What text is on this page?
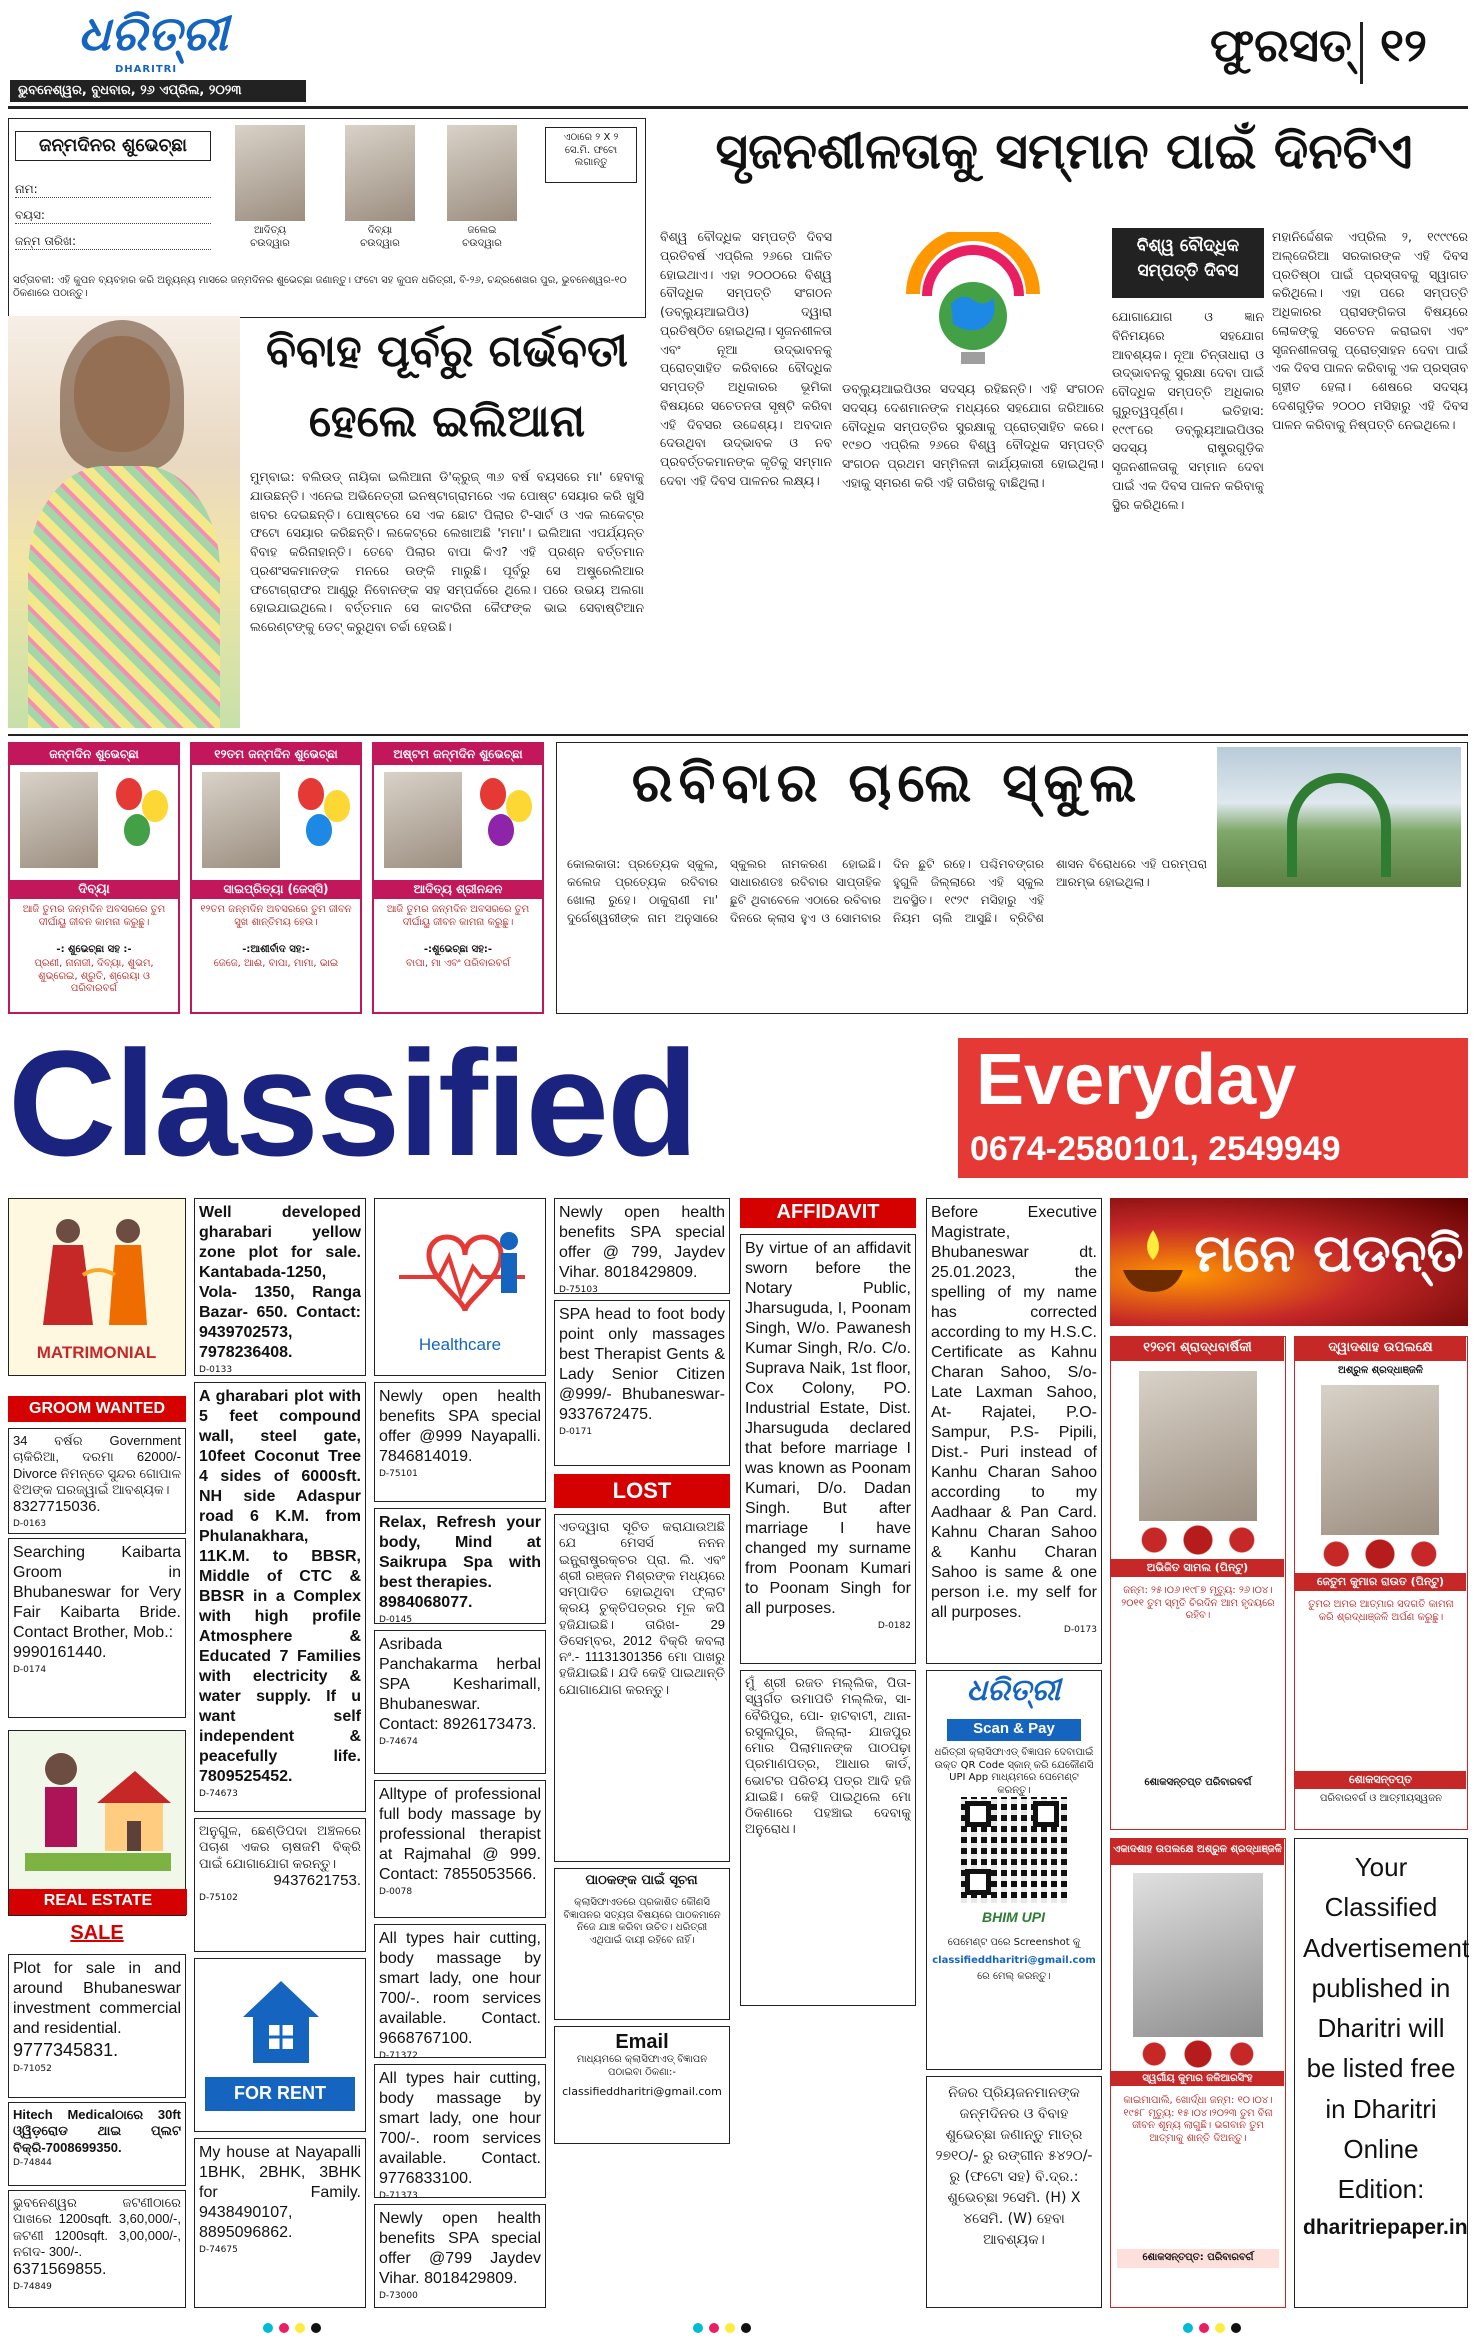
ଧରିତ୍ରୀ
DHARITRI
ଭୁବନେଶ୍ୱର, ବୁଧବାର, ୨୬ ଏପ୍ରିଲ, ୨୦୨୩
ଫୁରସତ୍ ୧୨
ଜନ୍ମଦିନର ଶୁଭେଚ୍ଛା
ନାମ:
ବୟସ:
ଜନ୍ମ ତାରିଖ:
ଆଦିତ୍ୟ
ଚଉଦ୍ୱାର
ଦିବ୍ୟା
ଚଉଦ୍ୱାର
ଜଲେଇ
ଚଉଦ୍ୱାର
ଏଠାରେ ୨ X ୨ ସେ.ମି. ଫଟୋ ଲଗାନ୍ତୁ
ସର୍ତ୍ତାବଳୀ: ଏହି କୁପନ ବ୍ୟବହାର କରି ଅନ୍ୟୁନ୍ୟ ମାସରେ ଜନ୍ମଦିନର ଶୁଭେଚ୍ଛା ଜଣାନ୍ତୁ। ଫଟୋ ସହ କୁପନ ଧରିତ୍ରୀ, ବି-୨୬, ଚନ୍ଦ୍ରଶେଖର ପୁର, ଭୁବନେଶ୍ୱର-୧୦ ଠିକଣାରେ ପଠାନ୍ତୁ।
ସୃଜନଶୀଳତାକୁ ସମ୍ମାନ ପାଇଁ ଦିନଟିଏ
ବିଶ୍ୱ ବୌଦ୍ଧିକ ସମ୍ପତ୍ତି ଦିବସ ପ୍ରତିବର୍ଷ ଏପ୍ରିଲ ୨୬ରେ ପାଳିତ ହୋଇଥାଏ। ଏହା ୨୦୦୦ରେ ବିଶ୍ୱ ବୌଦ୍ଧିକ ସମ୍ପତ୍ତି ସଂଗଠନ (ଡବ୍ଲ୍ୟୁଆଇପିଓ) ଦ୍ୱାରା ପ୍ରତିଷ୍ଠିତ ହୋଇଥିଲା। ସୃଜନଶୀଳତା ଏବଂ ନୂଆ ଉଦ୍ଭାବନକୁ ପ୍ରୋତ୍ସାହିତ କରିବାରେ ବୌଦ୍ଧିକ ସମ୍ପତ୍ତି ଅଧିକାରର ଭୂମିକା ବିଷୟରେ ସଚେତନତା ସୃଷ୍ଟି କରିବା ଏହି ଦିବସର ଉଦ୍ଦେଶ୍ୟ। ଅବଦାନ ଦେଉଥିବା ଉଦ୍ଭାବକ ଓ ନବ ପ୍ରବର୍ତ୍ତକମାନଙ୍କ କୃତିକୁ ସମ୍ମାନ ଦେବା ଏହି ଦିବସ ପାଳନର ଲକ୍ଷ୍ୟ।
ଡବ୍ଲ୍ୟୁଆଇପିଓର ସଦସ୍ୟ ରହିଛନ୍ତି। ଏହି ସଂଗଠନ ସଦସ୍ୟ ଦେଶମାନଙ୍କ ମଧ୍ୟରେ ସହଯୋଗ ଜରିଆରେ ବୌଦ୍ଧିକ ସମ୍ପତ୍ତିର ସୁରକ୍ଷାକୁ ପ୍ରୋତ୍ସାହିତ କରେ। ୧୯୭୦ ଏପ୍ରିଲ ୨୬ରେ ବିଶ୍ୱ ବୌଦ୍ଧିକ ସମ୍ପତ୍ତି ସଂଗଠନ ପ୍ରଥମ ସମ୍ମିଳନୀ କାର୍ଯ୍ୟକାରୀ ହୋଇଥିଲା। ଏହାକୁ ସ୍ମରଣ କରି ଏହି ତାରିଖକୁ ବାଛିଥିଲା।
ବିଶ୍ୱ ବୌଦ୍ଧିକ ସମ୍ପତ୍ତି ଦିବସ
ଯୋଗାଯୋଗ ଓ ଜ୍ଞାନ ବିନିମୟରେ ସହଯୋଗ ଆବଶ୍ୟକ। ନୂଆ ଚିନ୍ତାଧାରା ଓ ଉଦ୍ଭାବନକୁ ସୁରକ୍ଷା ଦେବା ପାଇଁ ବୌଦ୍ଧିକ ସମ୍ପତ୍ତି ଅଧିକାର ଗୁରୁତ୍ୱପୂର୍ଣ୍ଣ। ଇତିହାସ: ୧୯୯୮ରେ ଡବ୍ଲ୍ୟୁଆଇପିଓର ସଦସ୍ୟ ରାଷ୍ଟ୍ରଗୁଡ଼ିକ ସୃଜନଶୀଳତାକୁ ସମ୍ମାନ ଦେବା ପାଇଁ ଏକ ଦିବସ ପାଳନ କରିବାକୁ ସ୍ଥିର କରିଥିଲେ।
ମହାନିର୍ଦ୍ଦେଶକ ଏପ୍ରିଲ ୨, ୧୯୯୯ରେ ଅଲ୍ଜେରିଆ ସରକାରଙ୍କ ଏହି ଦିବସ ପ୍ରତିଷ୍ଠା ପାଇଁ ପ୍ରସ୍ତାବକୁ ସ୍ୱାଗତ କରିଥିଲେ। ଏହା ପରେ ସମ୍ପତ୍ତି ଅଧିକାରର ପ୍ରାସଙ୍ଗିକତା ବିଷୟରେ ଲୋକଙ୍କୁ ସଚେତନ କରାଇବା ଏବଂ ସୃଜନଶୀଳତାକୁ ପ୍ରୋତ୍ସାହନ ଦେବା ପାଇଁ ଏକ ଦିବସ ପାଳନ କରିବାକୁ ଏକ ପ୍ରସ୍ତାବ ଗୃହୀତ ହେଲା। ଶେଷରେ ସଦସ୍ୟ ଦେଶଗୁଡ଼ିକ ୨୦୦୦ ମସିହାରୁ ଏହି ଦିବସ ପାଳନ କରିବାକୁ ନିଷ୍ପତ୍ତି ନେଇଥିଲେ।
ବିବାହ ପୂର୍ବରୁ ଗର୍ଭବତୀ
ହେଲେ ଇଲିଆନା
ମୁମ୍ବାଇ: ବଲିଉଡ୍ ନାୟିକା ଇଲିଆନା ଡି'କ୍ରୁଜ୍ ୩୬ ବର୍ଷ ବୟସରେ ମା' ହେବାକୁ ଯାଉଛନ୍ତି। ଏନେଇ ଅଭିନେତ୍ରୀ ଇନଷ୍ଟାଗ୍ରାମରେ ଏକ ପୋଷ୍ଟ ସେୟାର କରି ଖୁସି ଖବର ଦେଇଛନ୍ତି। ପୋଷ୍ଟରେ ସେ ଏକ ଛୋଟ ପିଲାର ଟି-ସାର୍ଟ ଓ ଏକ ଲକେଟ୍‌ର ଫଟୋ ସେୟାର କରିଛନ୍ତି। ଲକେଟ୍‌ରେ ଲେଖାଅଛି 'ମମା'। ଇଲିଆନା ଏପର୍ଯ୍ୟନ୍ତ ବିବାହ କରିନାହାନ୍ତି। ତେବେ ପିଲାର ବାପା କିଏ? ଏହି ପ୍ରଶ୍ନ ବର୍ତ୍ତମାନ ପ୍ରଶଂସକମାନଙ୍କ ମନରେ ଉଙ୍କି ମାରୁଛି। ପୂର୍ବରୁ ସେ ଅଷ୍ଟ୍ରେଲିଆର ଫଟୋଗ୍ରାଫର ଆଣ୍ଡ୍ରୁ ନିବୋନଙ୍କ ସହ ସମ୍ପର୍କରେ ଥିଲେ। ପରେ ଉଭୟ ଅଲଗା ହୋଇଯାଇଥିଲେ। ବର୍ତ୍ତମାନ ସେ କାଟରିନା କୈଫଙ୍କ ଭାଇ ସେବାଷ୍ଟିଆନ ଲରେଣ୍ଟଙ୍କୁ ଡେଟ୍ କରୁଥିବା ଚର୍ଚ୍ଚା ହେଉଛି।
ଜନ୍ମଦିନ ଶୁଭେଚ୍ଛା
ଦିବ୍ୟା
ଆଜି ତୁମର ଜନ୍ମଦିନ ଅବସରରେ ତୁମ ଦୀର୍ଘାୟୁ ଜୀବନ କାମନା କରୁଛୁ।
-: ଶୁଭେଚ୍ଛା ସହ :-
ପ୍ରଣୀ, ନାନାଜୀ, ଦିବ୍ୟା, ଶୁଭମ, ଶୁଭ୍ରେଇ, ଶ୍ରୁତି, ଶ୍ରେୟା ଓ ପରିବାରବର୍ଗ
୧୨ତମ ଜନ୍ମଦିନ ଶୁଭେଚ୍ଛା
ସାଇପ୍ରିତ୍ୟା (ଜେସ୍ସି)
୧୨ତମ ଜନ୍ମଦିନ ଅବସରରେ ତୁମ ଜୀବନ ସୁଖ ଶାନ୍ତିମୟ ହେଉ।
-:ଆଶୀର୍ବାଦ ସହ:-
ଜେଜେ, ଆଈ, ବାପା, ମାମା, ଭାଇ
ଅଷ୍ଟମ ଜନ୍ମଦିନ ଶୁଭେଚ୍ଛା
ଆଦିତ୍ୟ ଶ୍ରୀନନ୍ଦନ
ଆଜି ତୁମର ଜନ୍ମଦିନ ଅବସରରେ ତୁମ ଦୀର୍ଘାୟୁ ଜୀବନ କାମନା କରୁଛୁ।
-:ଶୁଭେଚ୍ଛା ସହ:-
ବାପା, ମା ଏବଂ ପରିବାରବର୍ଗ
ରବିବାର ଚାଲେ ସ୍କୁଲ
କୋଲକାତା: ପ୍ରତ୍ୟେକ ସ୍କୁଲ, କଲେଜ ପ୍ରତ୍ୟେକ ରବିବାର ଖୋଲା ରୁହେ। ଠାକୁରାଣୀ ମା' ଦୁର୍ଗେଶ୍ୱରୀଙ୍କ ନାମ ଅନୁସାରେ ସ୍କୁଲର ନାମକରଣ ହୋଇଛି। ସାଧାରଣତଃ ରବିବାର ସାପ୍ତାହିକ ଛୁଟି ଥିବାବେଳେ ଏଠାରେ ରବିବାର ଦିନରେ କ୍ଲାସ ହୁଏ ଓ ସୋମବାର ଦିନ ଛୁଟି ରହେ। ପଶ୍ଚିମବଙ୍ଗର ହୁଗୁଳି ଜିଲ୍ଲାରେ ଏହି ସ୍କୁଲ ଅବସ୍ଥିତ। ୧୯୨୯ ମସିହାରୁ ଏହି ନିୟମ ଚାଲି ଆସୁଛି। ବ୍ରିଟିଶ ଶାସନ ବିରୋଧରେ ଏହି ପରମ୍ପରା ଆରମ୍ଭ ହୋଇଥିଲା।
Classified	Everyday
0674-2580101, 2549949
MATRIMONIAL
GROOM WANTED
34 ବର୍ଷର Government ଚାକିରିଆ, ଦରମା 62000/- Divorce ନିମନ୍ତେ ସୁନ୍ଦର ଗୋପାଳ ଝିଅଙ୍କ ଘରଜ୍ୱାଇଁ ଆବଶ୍ୟକ।
8327715036.
D-0163
Searching Kaibarta Groom in Bhubaneswar for Very Fair Kaibarta Bride. Contact Brother, Mob.:
9990161440.
D-0174
REAL ESTATE
SALE
Plot for sale in and around Bhubaneswar investment commercial and residential.
9777345831.
D-71052
Hitech Medicalଠାରେ 30ft ଓ୍ୱିଡ଼ରୋଡ ଥାଇ ପ୍ଲଟ ବିକ୍ରି-7008699350.
D-74844
ଭୁବନେଶ୍ୱର ଜଟଣୀଠାରେ ପାଖରେ 1200sqft. 3,60,000/-, ଜଟଣୀ 1200sqft. 3,00,000/-, ନଗଦ- 300/-.
6371569855.
D-74849
Well developed gharabari yellow zone plot for sale. Kantabada-1250, Vola- 1350, Ranga Bazar- 650. Contact: 9439702573, 7978236408.
D-0133
A gharabari plot with 5 feet compound wall, steel gate, 10feet Coconut Tree 4 sides of 6000sft. NH side Adaspur road 6 K.M. from Phulanakhara, 11K.M. to BBSR, Middle of CTC & BBSR in a Complex with high profile Atmosphere & Educated 7 Families with electricity & water supply. If u want self independent & peacefully life. 7809525452.
D-74673
ଅନୁଗୁଳ, ଛେଣ୍ଡିପଦା ଅଞ୍ଚଳରେ ପଚାଶ ଏକର ଚାଷଜମି ବିକ୍ରି ପାଇଁ ଯୋଗାଯୋଗ କରନ୍ତୁ।
9437621753.
D-75102
FOR RENT
My house at Nayapalli 1BHK, 2BHK, 3BHK for Family. 9438490107, 8895096862.
D-74675
Healthcare
Newly open health benefits SPA special offer @999 Nayapalli. 7846814019.
D-75101
Relax, Refresh your body, Mind at Saikrupa Spa with best therapies.
8984068077.
D-0145
Asribada Panchakarma herbal SPA Kesharimall, Bhubaneswar. Contact: 8926173473.
D-74674
Alltype of professional full body massage by professional therapist at Rajmahal @ 999. Contact: 7855053566.
D-0078
All types hair cutting, body massage by smart lady, one hour 700/-. room services available. Contact. 9668767100.
D-71372
All types hair cutting, body massage by smart lady, one hour 700/-. room services available. Contact. 9776833100.
D-71373
Newly open health benefits SPA special offer @799 Jaydev Vihar. 8018429809.
D-73000
Newly open health benefits SPA special offer @ 799, Jaydev Vihar. 8018429809.
D-75103
SPA head to foot body point only massages best Therapist Gents & Lady Senior Citizen @999/- Bhubaneswar- 9337672475.
D-0171
LOST
ଏତଦ୍ୱାରା ସୂଚିତ କରାଯାଉଅଛି ଯେ ମେସର୍ସ ନନନ ଇନ୍ଫ୍ରାଷ୍ଟ୍ରକ୍ଚର ପ୍ରା. ଲି. ଏବଂ ଶ୍ରୀ ରଞ୍ଜନ ମିଶ୍ରଙ୍କ ମଧ୍ୟରେ ସମ୍ପାଦିତ ହୋଇଥିବା ଫ୍ଲାଟ କ୍ରୟ ଚୁକ୍ତିପତ୍ରର ମୂଳ କପି ହଜିଯାଇଛି। ତାରିଖ- 29 ଡିସେମ୍ବର, 2012 ବିକ୍ରି କବଲା ନଂ.- 11131301356 ମୋ ପାଖରୁ ହଜିଯାଇଛି। ଯଦି କେହି ପାଇଥାନ୍ତି ଯୋଗାଯୋଗ କରନ୍ତୁ।
ପାଠକଙ୍କ ପାଇଁ ସୂଚନା
କ୍ଲାସିଫାଏଡରେ ପ୍ରକାଶିତ କୌଣସି ବିଜ୍ଞାପନର ସତ୍ୟତା ବିଷୟରେ ପାଠକମାନେ ନିଜେ ଯାଞ୍ଚ କରିବା ଉଚିତ। ଧରିତ୍ରୀ ଏଥିପାଇଁ ଦାୟୀ ରହିବେ ନାହିଁ।
Email
ମାଧ୍ୟମରେ କ୍ଲାସିଫାଏଡ୍ ବିଜ୍ଞାପନ ପଠାଇବା ଠିକଣା:-
classifieddharitri@gmail.com
AFFIDAVIT
By virtue of an affidavit sworn before the Notary Public, Jharsuguda, I, Poonam Singh, W/o. Pawanesh Kumar Singh, R/o. C/o. Suprava Naik, 1st floor, Cox Colony, PO. Industrial Estate, Dist. Jharsuguda declared that before marriage I was known as Poonam Kumari, D/o. Dadan Singh. But after marriage I have changed my surname from Poonam Kumari to Poonam Singh for all purposes.
D-0182
ମୁଁ ଶ୍ରୀ ରଜତ ମଲ୍ଲିକ, ପିତା- ସ୍ୱର୍ଗତ ଉମାପତି ମଲ୍ଲିକ, ସା- ବୈରିପୁର, ପୋ- ହାଟବାଟୀ, ଥାନା- ରସୁଲପୁର, ଜିଲ୍ଲା- ଯାଜପୁର ମୋର ପିଲାମାନଙ୍କ ପାଠପଢ଼ା ପ୍ରମାଣପତ୍ର, ଆଧାର କାର୍ଡ, ଭୋଟର ପରିଚୟ ପତ୍ର ଆଦି ହଜି ଯାଇଛି। କେହି ପାଇଥିଲେ ମୋ ଠିକଣାରେ ପହଞ୍ଚାଇ ଦେବାକୁ ଅନୁରୋଧ।
Before Executive Magistrate, Bhubaneswar dt. 25.01.2023, the spelling of my name has corrected according to my H.S.C. Certificate as Kahnu Charan Sahoo, S/o- Late Laxman Sahoo, At- Rajatei, P.O- Sampur, P.S- Pipili, Dist.- Puri instead of Kanhu Charan Sahoo according to my Aadhaar & Pan Card. Kahnu Charan Sahoo & Kanhu Charan Sahoo is same & one person i.e. my self for all purposes.
D-0173
ଧରିତ୍ରୀ
Scan & Pay
ଧରିତ୍ରୀ କ୍ଲାସିଫାଏଡ୍ ବିଜ୍ଞାପନ ଦେବାପାଇଁ ଉକ୍ତ QR Code ସ୍କାନ୍ କରି ଯେକୌଣସି UPI App ମାଧ୍ୟମରେ ପେମେଣ୍ଟ କରନ୍ତୁ।
BHIM UPI
ପେମେଣ୍ଟ ପରେ Screenshot କୁ
classifieddharitri@gmail.com
ରେ ମେଲ୍ କରନ୍ତୁ।
ନିଜର ପ୍ରିୟଜନମାନଙ୍କ ଜନ୍ମଦିନର ଓ ବିବାହ ଶୁଭେଚ୍ଛା ଜଣାନ୍ତୁ ମାତ୍ର ୨୭୧୦/- ରୁ ରଙ୍ଗୀନ ୫୪୨୦/- ରୁ (ଫଟୋ ସହ) ବି.ଦ୍ର.: ଶୁଭେଚ୍ଛା ୨ସେମି. (H) X ୪ସେମି. (W) ହେବା ଆବଶ୍ୟକ।
ମନେ ପଡନ୍ତି
୧୨ତମ ଶ୍ରାଦ୍ଧବାର୍ଷିକୀ
ଅଭିଜିତ ସାମଲ (ପିନ୍ଟୁ)
ଜନ୍ମ: ୨୫।୦୬।୧୯୮୭ ମୃତ୍ୟୁ: ୨୬।୦୪।୨୦୧୧ ତୁମ ସ୍ମୃତି ଚିରଦିନ ଆମ ହୃଦୟରେ ରହିବ।
ଶୋକସନ୍ତପ୍ତ ପରିବାରବର୍ଗ
ଦ୍ୱାଦଶାହ ଉପଲକ୍ଷେ
ଅଶ୍ରୁଳ ଶ୍ରଦ୍ଧାଞ୍ଜଳି
ଜେତୁମ କୁମାର ରାଉତ (ପିନ୍ଟୁ)
ତୁମର ଅମର ଆତ୍ମାର ସଦଗତି କାମନା କରି ଶ୍ରଦ୍ଧାଞ୍ଜଳି ଅର୍ପଣ କରୁଛୁ।
ଶୋକସନ୍ତପ୍ତ
ପରିବାରବର୍ଗ ଓ ଆତ୍ମୀୟସ୍ୱଜନ
ଏକାଦଶାହ ଉପଲକ୍ଷେ ଅଶ୍ରୁଳ ଶ୍ରଦ୍ଧାଞ୍ଜଳି
ସ୍ୱର୍ଗୀୟ କୁମାର ଜଳିଆରସିଂହ
କାଇମାପାଲି, ଖୋର୍ଦ୍ଧା ଜନ୍ମ: ୧୦।୦୪।୧୯୫୮ ମୃତ୍ୟୁ: ୧୫।୦୪।୨୦୨୩ ତୁମ ବିନା ଜୀବନ ଶୂନ୍ୟ ଲାଗୁଛି। ଭଗବାନ ତୁମ ଆତ୍ମାକୁ ଶାନ୍ତି ଦିଅନ୍ତୁ।
ଶୋକସନ୍ତପ୍ତ: ପରିବାରବର୍ଗ
Your Classified Advertisement published in Dharitri will be listed free in Dharitri Online Edition:
dharitriepaper.in
